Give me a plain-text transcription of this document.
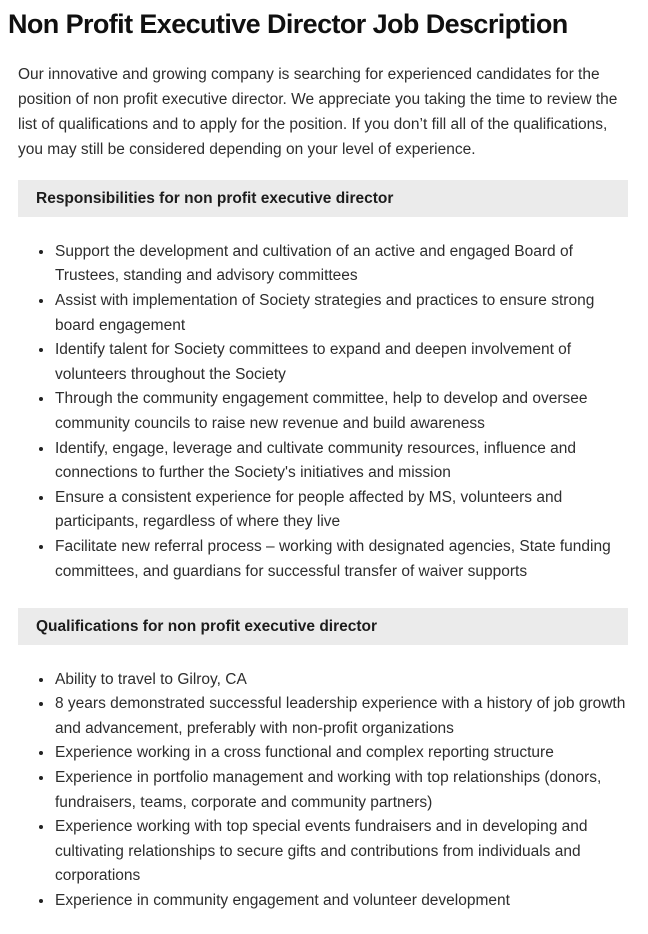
Non Profit Executive Director Job Description

Our innovative and growing company is searching for experienced candidates for the position of non profit executive director. We appreciate you taking the time to review the list of qualifications and to apply for the position. If you don’t fill all of the qualifications, you may still be considered depending on your level of experience.

Responsibilities for non profit executive director
• Support the development and cultivation of an active and engaged Board of Trustees, standing and advisory committees
• Assist with implementation of Society strategies and practices to ensure strong board engagement
• Identify talent for Society committees to expand and deepen involvement of volunteers throughout the Society
• Through the community engagement committee, help to develop and oversee community councils to raise new revenue and build awareness
• Identify, engage, leverage and cultivate community resources, influence and connections to further the Society's initiatives and mission
• Ensure a consistent experience for people affected by MS, volunteers and participants, regardless of where they live
• Facilitate new referral process – working with designated agencies, State funding committees, and guardians for successful transfer of waiver supports
Qualifications for non profit executive director
• Ability to travel to Gilroy, CA
• 8 years demonstrated successful leadership experience with a history of job growth and advancement, preferably with non-profit organizations
• Experience working in a cross functional and complex reporting structure
• Experience in portfolio management and working with top relationships (donors, fundraisers, teams, corporate and community partners)
• Experience working with top special events fundraisers and in developing and cultivating relationships to secure gifts and contributions from individuals and corporations
• Experience in community engagement and volunteer development
